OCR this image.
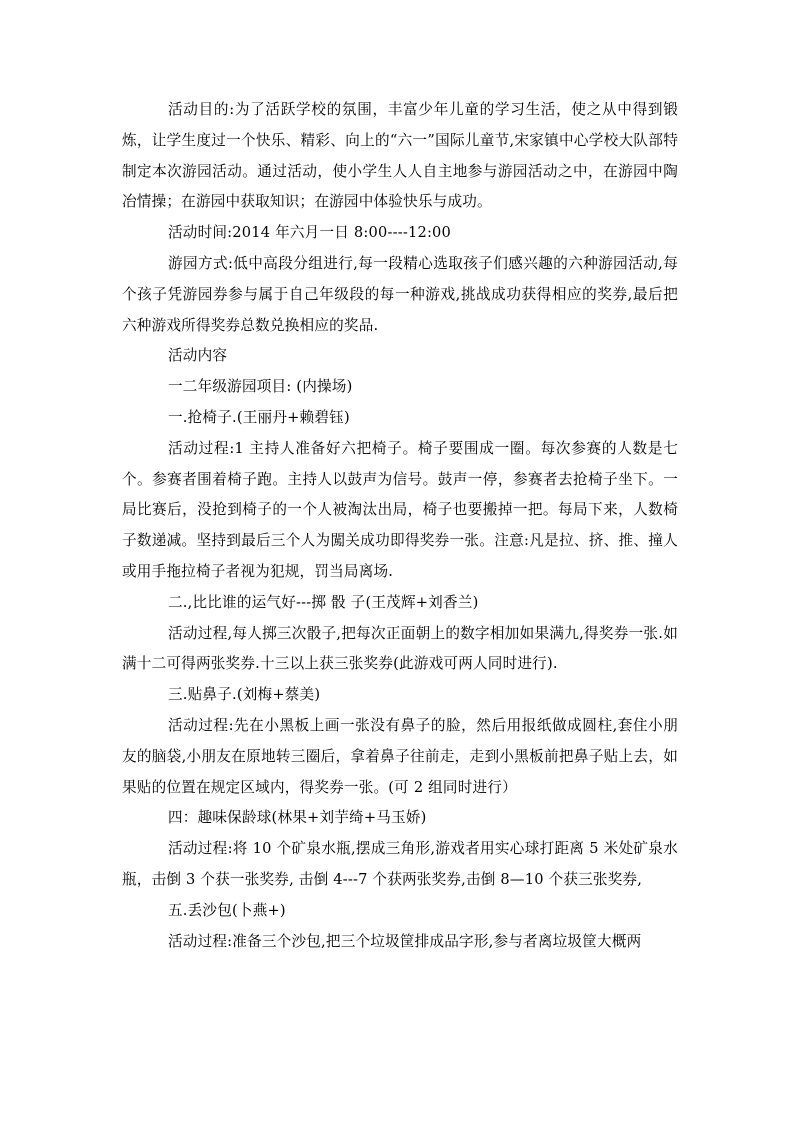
活动目的:为了活跃学校的氛围，丰富少年儿童的学习生活，使之从中得到锻炼，让学生度过一个快乐、精彩、向上的“六一”国际儿童节,宋家镇中心学校大队部特制定本次游园活动。通过活动，使小学生人人自主地参与游园活动之中，在游园中陶冶情操；在游园中获取知识；在游园中体验快乐与成功。

活动时间:2014 年六月一日 8:00----12:00

游园方式:低中高段分组进行,每一段精心选取孩子们感兴趣的六种游园活动,每个孩子凭游园券参与属于自己年级段的每一种游戏,挑战成功获得相应的奖券,最后把六种游戏所得奖券总数兑换相应的奖品.

活动内容

一二年级游园项目: (内操场)

一.抢椅子.(王丽丹+赖碧钰)

活动过程:1 主持人准备好六把椅子。椅子要围成一圈。每次参赛的人数是七个。参赛者围着椅子跑。主持人以鼓声为信号。鼓声一停，参赛者去抢椅子坐下。一局比赛后，没抢到椅子的一个人被淘汰出局，椅子也要搬掉一把。每局下来，人数椅子数递减。坚持到最后三个人为闖关成功即得奖券一张。注意:凡是拉、挤、推、撞人或用手拖拉椅子者视为犯规，罚当局离场.

二.,比比谁的运气好---掷 骰 子(王茂辉+刘香兰)

活动过程,每人掷三次骰子,把每次正面朝上的数字相加如果满九,得奖券一张.如满十二可得两张奖券.十三以上获三张奖券(此游戏可两人同时进行).

三.贴鼻子.(刘梅+蔡美)

活动过程:先在小黑板上画一张没有鼻子的脸，然后用报纸做成圆柱,套住小朋友的脑袋,小朋友在原地转三圈后，拿着鼻子往前走，走到小黑板前把鼻子贴上去，如果贴的位置在规定区域内，得奖券一张。(可 2 组同时进行）

四：趣味保龄球(林果+刘芋绮+马玉娇)

活动过程:将 10 个矿泉水瓶,摆成三角形,游戏者用实心球打距离 5 米处矿泉水瓶，击倒 3 个获一张奖券, 击倒 4---7 个获两张奖券,击倒 8—10 个获三张奖券,

五.丢沙包(卜燕+)

活动过程:准备三个沙包,把三个垃圾筐排成品字形,参与者离垃圾筐大概两
